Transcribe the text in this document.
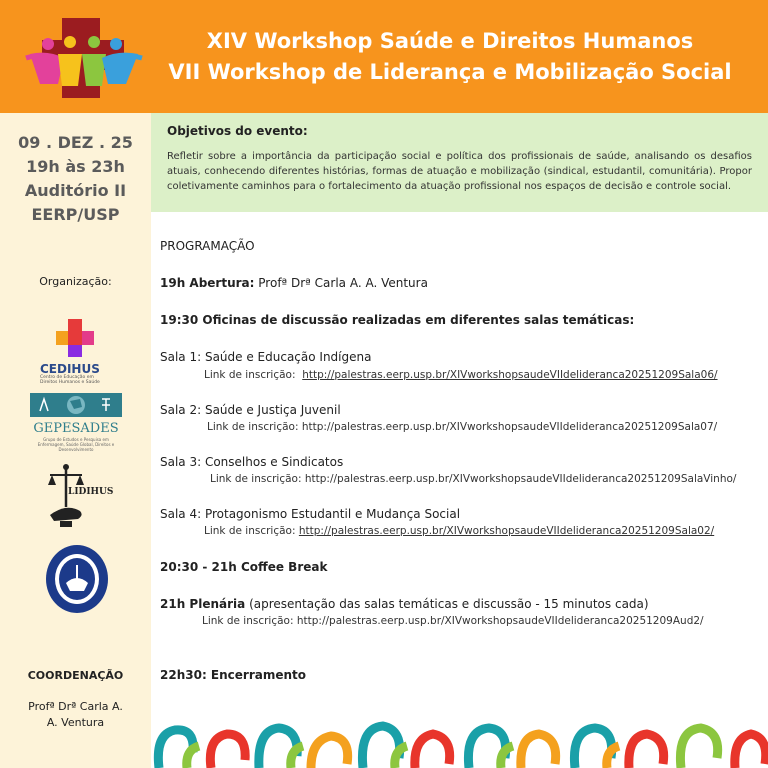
XIV Workshop Saúde e Direitos Humanos
VII Workshop de Liderança e Mobilização Social
09 . DEZ . 25
19h às 23h
Auditório II
EERP/USP
Organização:
CEDIHUS
Centro de Educação em Direitos Humanos e Saúde
GEPESADES
Grupo de Estudos e Pesquisa em Enfermagem, Saúde Global, Direitos e Desenvolvimento
LIDIHUS
COORDENAÇÃO
Profª Drª Carla A. A. Ventura
Objetivos do evento:
Refletir sobre a importância da participação social e política dos profissionais de saúde, analisando os desafios atuais, conhecendo diferentes histórias, formas de atuação e mobilização (sindical, estudantil, comunitária). Propor coletivamente caminhos para o fortalecimento da atuação profissional nos espaços de decisão e controle social.
PROGRAMAÇÃO
19h Abertura: Profª Drª Carla A. A. Ventura
19:30 Oficinas de discussão realizadas em diferentes salas temáticas:
Sala 1: Saúde e Educação Indígena
Link de inscrição: http://palestras.eerp.usp.br/XIVworkshopsaudeVIIdelideranca20251209Sala06/
Sala 2: Saúde e Justiça Juvenil
Link de inscrição: http://palestras.eerp.usp.br/XIVworkshopsaudeVIIdelideranca20251209Sala07/
Sala 3: Conselhos e Sindicatos
Link de inscrição: http://palestras.eerp.usp.br/XIVworkshopsaudeVIIdelideranca20251209SalaVinho/
Sala 4: Protagonismo Estudantil e Mudança Social
Link de inscrição: http://palestras.eerp.usp.br/XIVworkshopsaudeVIIdelideranca20251209Sala02/
20:30 - 21h Coffee Break
21h Plenária (apresentação das salas temáticas e discussão - 15 minutos cada)
Link de inscrição: http://palestras.eerp.usp.br/XIVworkshopsaudeVIIdelideranca20251209Aud2/
22h30: Encerramento
